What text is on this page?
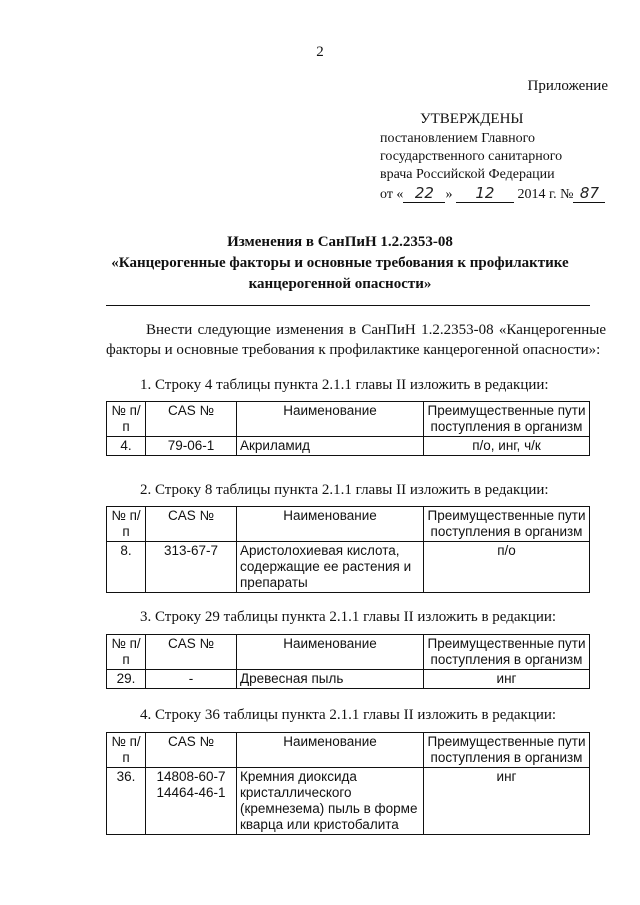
2
Приложение
УТВЕРЖДЕНЫ
постановлением Главного
государственного санитарного
врача Российской Федерации
от « 22 » 12 2014 г. № 87
Изменения в СанПиН 1.2.2353-08
«Канцерогенные факторы и основные требования к профилактике
канцерогенной опасности»

Внести следующие изменения в СанПиН 1.2.2353-08 «Канцерогенные факторы и основные требования к профилактике канцерогенной опасности»:

1. Строку 4 таблицы пункта 2.1.1 главы II изложить в редакции:
№ п/п	CAS №	Наименование	Преимущественные пути поступления в организм
4.	79-06-1	Акриламид	п/о, инг, ч/к
2. Строку 8 таблицы пункта 2.1.1 главы II изложить в редакции:
№ п/п	CAS №	Наименование	Преимущественные пути поступления в организм
8.	313-67-7	Аристолохиевая кислота, содержащие ее растения и препараты	п/о
3. Строку 29 таблицы пункта 2.1.1 главы II изложить в редакции:
№ п/п	CAS №	Наименование	Преимущественные пути поступления в организм
29.	-	Древесная пыль	инг
4. Строку 36 таблицы пункта 2.1.1 главы II изложить в редакции:
№ п/п	CAS №	Наименование	Преимущественные пути поступления в организм
36.	14808-60-7 14464-46-1	Кремния диоксида кристаллического (кремнезема) пыль в форме кварца или кристобалита	инг
